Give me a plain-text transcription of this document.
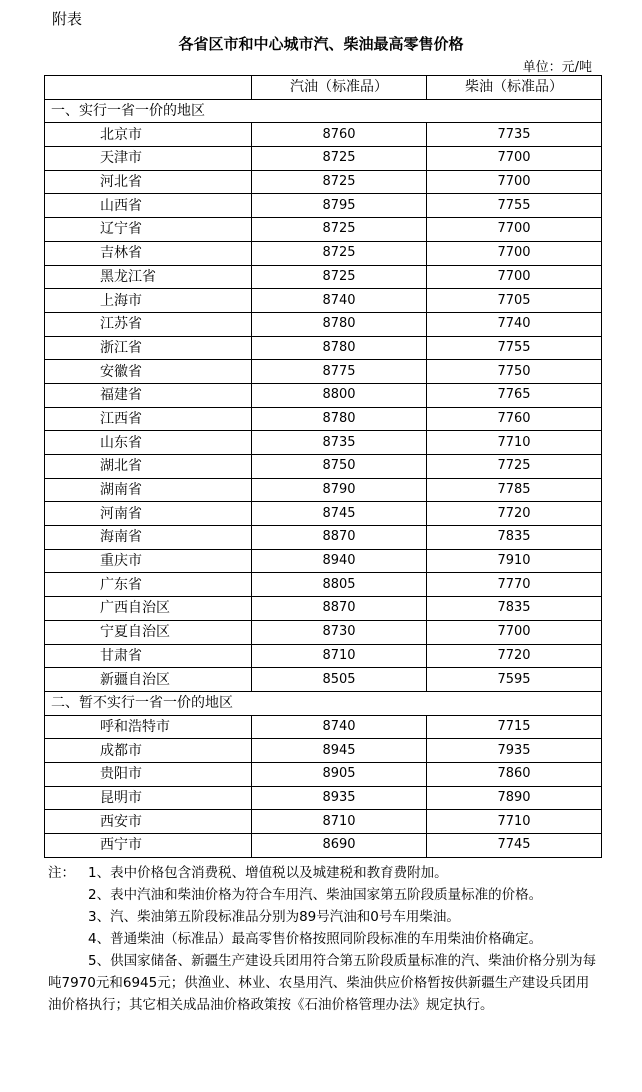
附表
各省区市和中心城市汽、柴油最高零售价格
单位：元/吨
	汽油（标准品）	柴油（标准品）
一、实行一省一价的地区		
北京市	8760	7735
天津市	8725	7700
河北省	8725	7700
山西省	8795	7755
辽宁省	8725	7700
吉林省	8725	7700
黑龙江省	8725	7700
上海市	8740	7705
江苏省	8780	7740
浙江省	8780	7755
安徽省	8775	7750
福建省	8800	7765
江西省	8780	7760
山东省	8735	7710
湖北省	8750	7725
湖南省	8790	7785
河南省	8745	7720
海南省	8870	7835
重庆市	8940	7910
广东省	8805	7770
广西自治区	8870	7835
宁夏自治区	8730	7700
甘肃省	8710	7720
新疆自治区	8505	7595
二、暂不实行一省一价的地区		
呼和浩特市	8740	7715
成都市	8945	7935
贵阳市	8905	7860
昆明市	8935	7890
西安市	8710	7710
西宁市	8690	7745

注： 1、表中价格包含消费税、增值税以及城建税和教育费附加。

2、表中汽油和柴油价格为符合车用汽、柴油国家第五阶段质量标准的价格。

3、汽、柴油第五阶段标准品分别为89号汽油和0号车用柴油。

4、普通柴油（标准品）最高零售价格按照同阶段标准的车用柴油价格确定。

5、供国家储备、新疆生产建设兵团用符合第五阶段质量标准的汽、柴油价格分别为每吨7970元和6945元；供渔业、林业、农垦用汽、柴油供应价格暂按供新疆生产建设兵团用油价格执行；其它相关成品油价格政策按《石油价格管理办法》规定执行。
